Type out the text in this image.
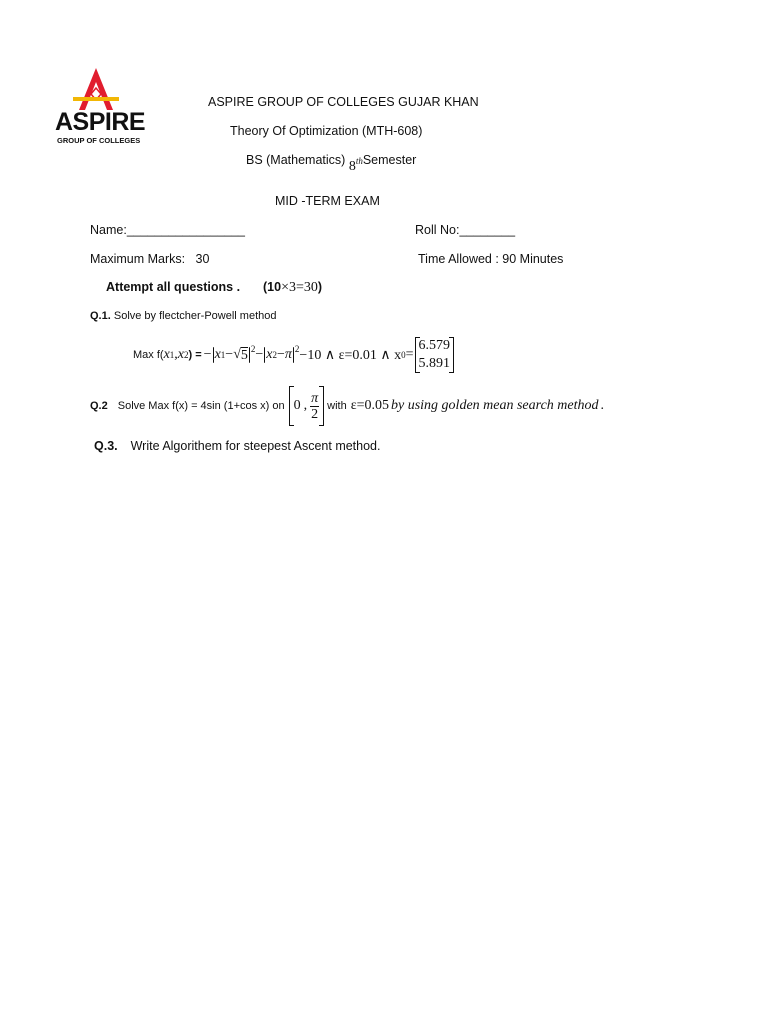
ASPIRE
GROUP OF COLLEGES
ASPIRE GROUP OF COLLEGES GUJAR KHAN
Theory Of Optimization (MTH-608)
BS (Mathematics) 8thSemester
MID -TERM EXAM
Name:_________________	Roll No:________
Maximum Marks:   30	Time Allowed : 90 Minutes
Attempt all questions . (10×3=30)
Q.1. Solve by flectcher-Powell method
Max f( x 1 , x 2 ) = − x 1 − √ 5 $^2$ − x 2 − π $^2$ −10 ∧ ε=0.01 ∧ x 0 =
6.579
5.891
Q.2 Solve Max f(x) = 4sin (1+cos x) on 0 , $\frac{\pi}{2}$ with ε=0.05 by using golden mean search method .
Q.3. Write Algorithem for steepest Ascent method.
